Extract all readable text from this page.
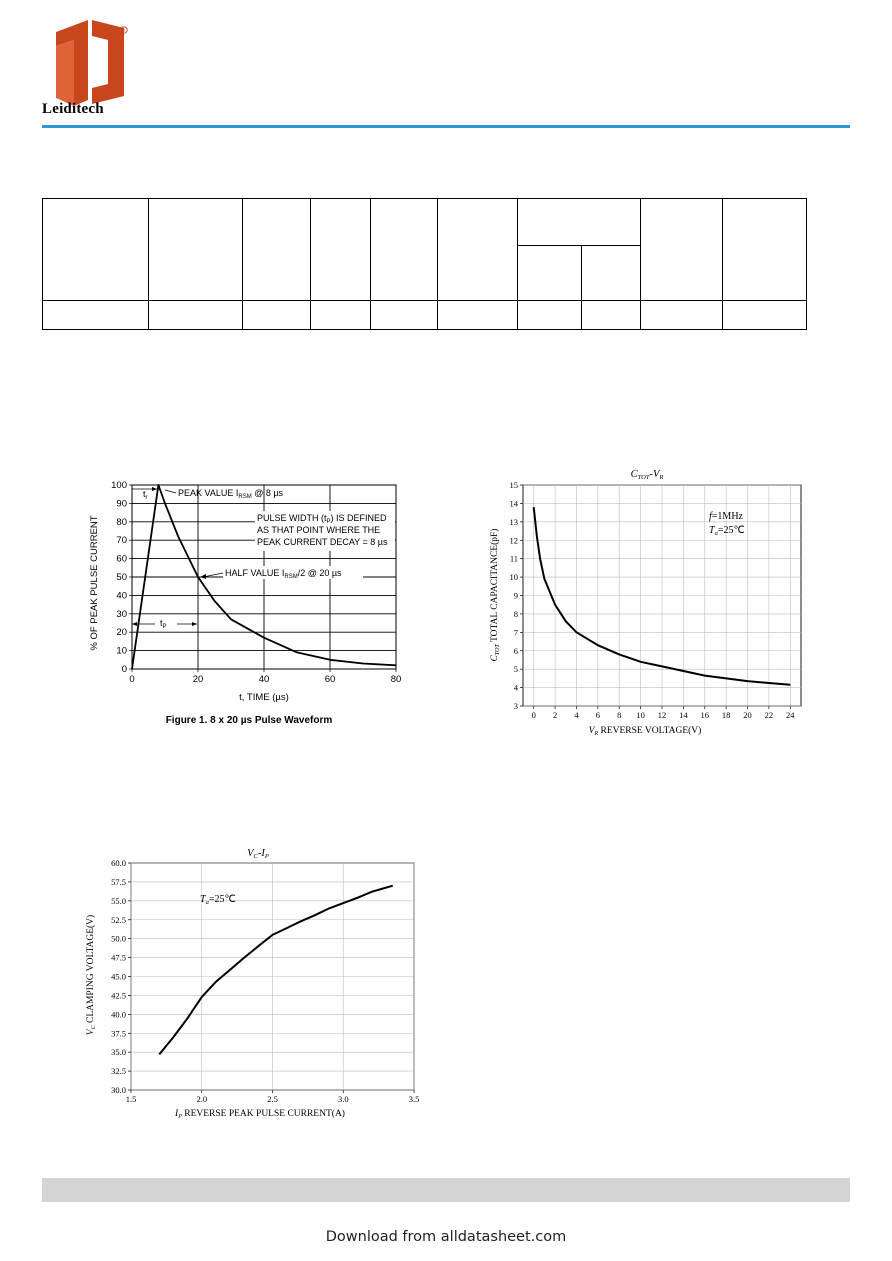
®
Leiditech

0	20	40	60	80
0
10
20
30
40
50
60
70
80
90
100
$t_r$	PEAK VALUE $I_{RSM}$ @ 8 µs
PULSE WIDTH $(t_P)$ IS DEFINED
AS THAT POINT WHERE THE
PEAK CURRENT DECAY = 8 µs
HALF VALUE $I_{RSM}/2$ @ 20 µs
$t_P$
% OF PEAK PULSE CURRENT
t, TIME (µs)
Figure 1. 8 x 20 µs Pulse Waveform
CTOT-VR
0 2 4 6 8 10 12 14 16 18 20 22 24
3
4
5
6
7
8
9
10
11
12
13
14
15
f=1MHz
$T_a=25℃$
$C_{TOT}$ TOTAL CAPACITANCE(pF)
$V_R$ REVERSE VOLTAGE(V)
VC-IP
1.5	2.0	2.5	3.0	3.5
30.0
32.5
35.0
37.5
40.0
42.5
45.0
47.5
50.0
52.5
55.0
57.5
60.0
$T_a=25℃$
$V_C$ CLAMPING VOLTAGE(V)
$I_P$ REVERSE PEAK PULSE CURRENT(A)
Download from alldatasheet.com
